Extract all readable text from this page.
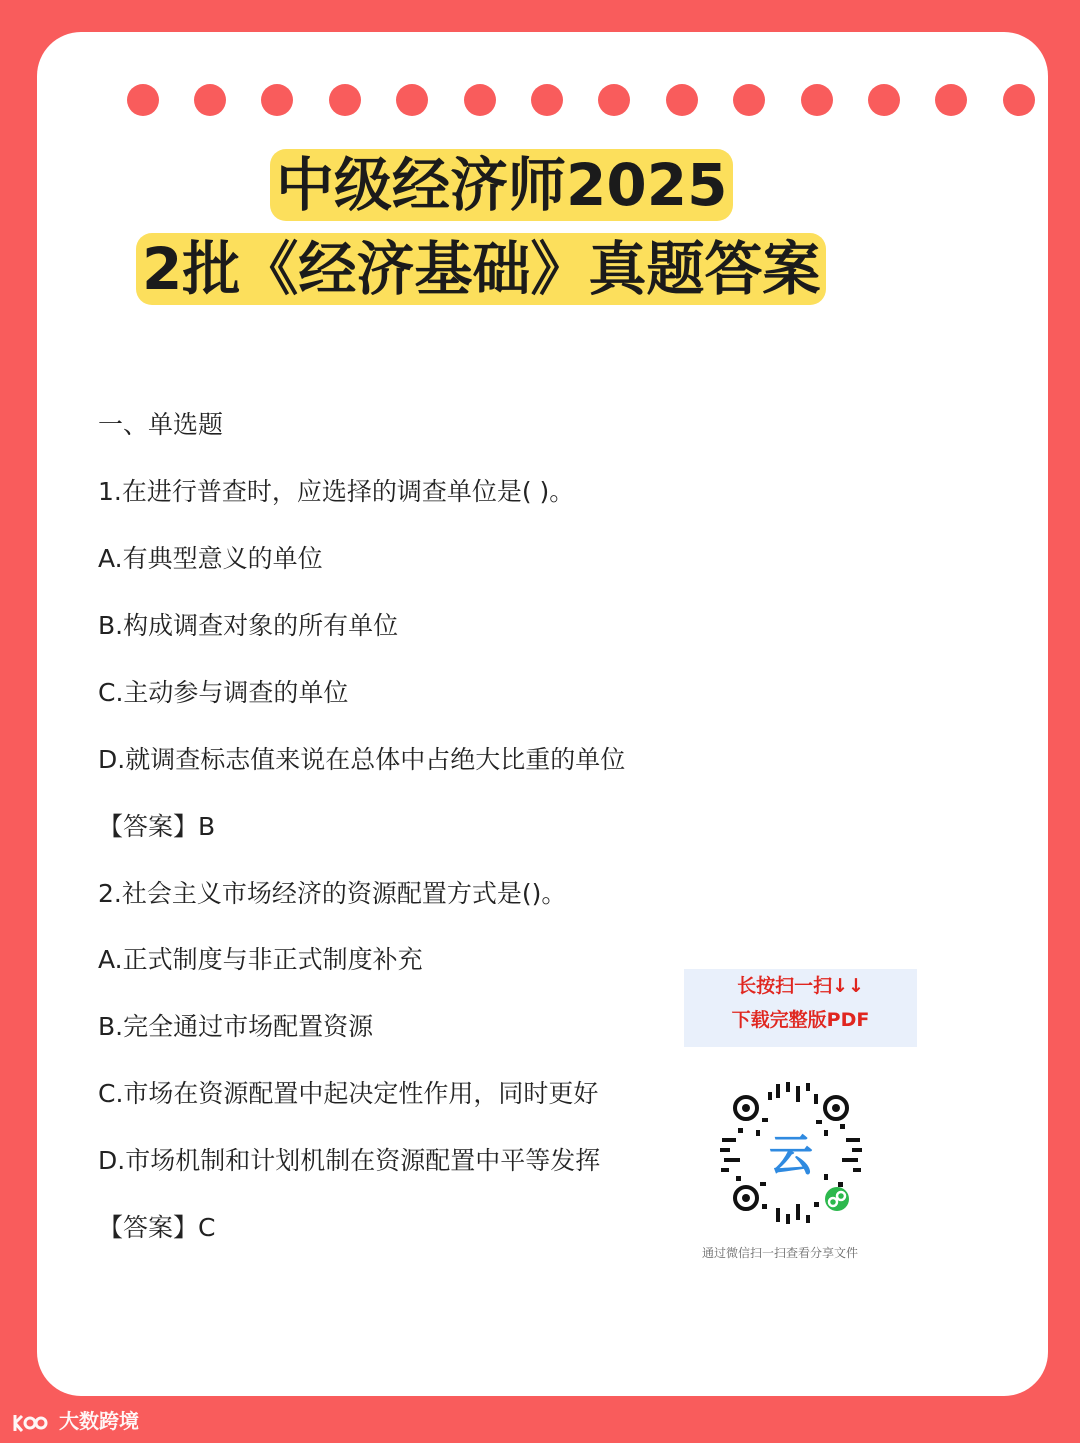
中级经济师2025
2批《经济基础》真题答案
一、单选题
1.在进行普查时，应选择的调查单位是( )。
A.有典型意义的单位
B.构成调查对象的所有单位
C.主动参与调查的单位
D.就调查标志值来说在总体中占绝大比重的单位
【答案】B
2.社会主义市场经济的资源配置方式是()。
A.正式制度与非正式制度补充
B.完全通过市场配置资源
C.市场在资源配置中起决定性作用，同时更好
D.市场机制和计划机制在资源配置中平等发挥
【答案】C
长按扫一扫↓↓
下载完整版PDF
云
通过微信扫一扫查看分享文件
大数跨境
